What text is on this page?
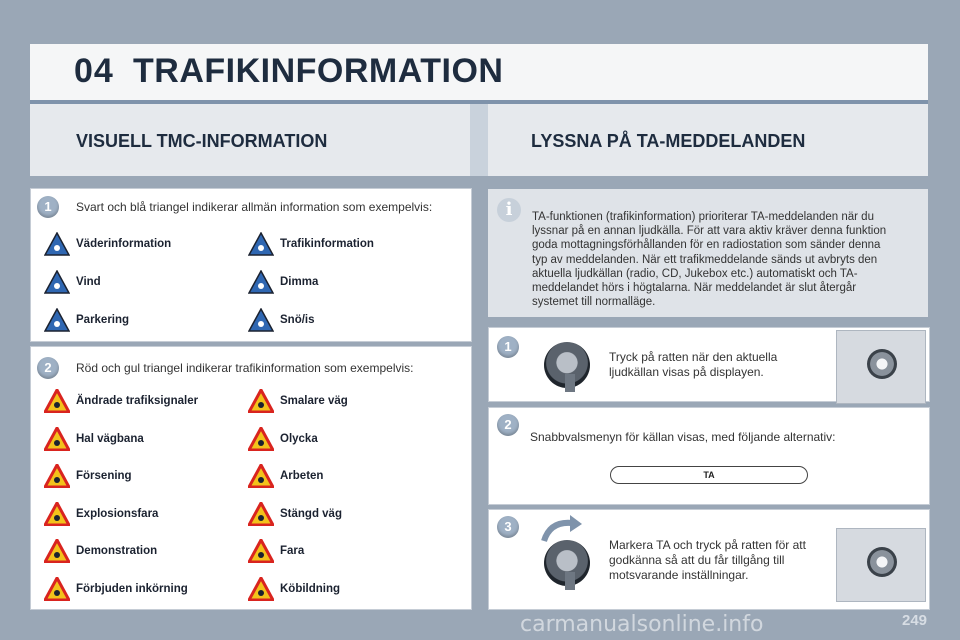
04 TRAFIKINFORMATION
VISUELL TMC-INFORMATION	LYSSNA PÅ TA-MEDDELANDEN
1	Svart och blå triangel indikerar allmän information som exempelvis:
Väderinformation	Trafikinformation
Vind	Dimma
Parkering	Snö/is
2	Röd och gul triangel indikerar trafikinformation som exempelvis:
Ändrade trafiksignaler	Smalare väg
Hal vägbana	Olycka
Försening	Arbeten
Explosionsfara	Stängd väg
Demonstration	Fara
Förbjuden inkörning	Köbildning
i	TA-funktionen (trafikinformation) prioriterar TA-meddelanden när du lyssnar på en annan ljudkälla. För att vara aktiv kräver denna funktion goda mottagningsförhållanden för en radiostation som sänder denna typ av meddelanden. När ett trafikmeddelande sänds ut avbryts den aktuella ljudkällan (radio, CD, Jukebox etc.) automatiskt och TA-meddelandet hörs i högtalarna. När meddelandet är slut återgår systemet till normalläge.
1
Tryck på ratten när den aktuella ljudkällan visas på displayen.
2
Snabbvalsmenyn för källan visas, med följande alternativ:
TA
3
Markera TA och tryck på ratten för att godkänna så att du får tillgång till motsvarande inställningar.
carmanualsonline.info	249
